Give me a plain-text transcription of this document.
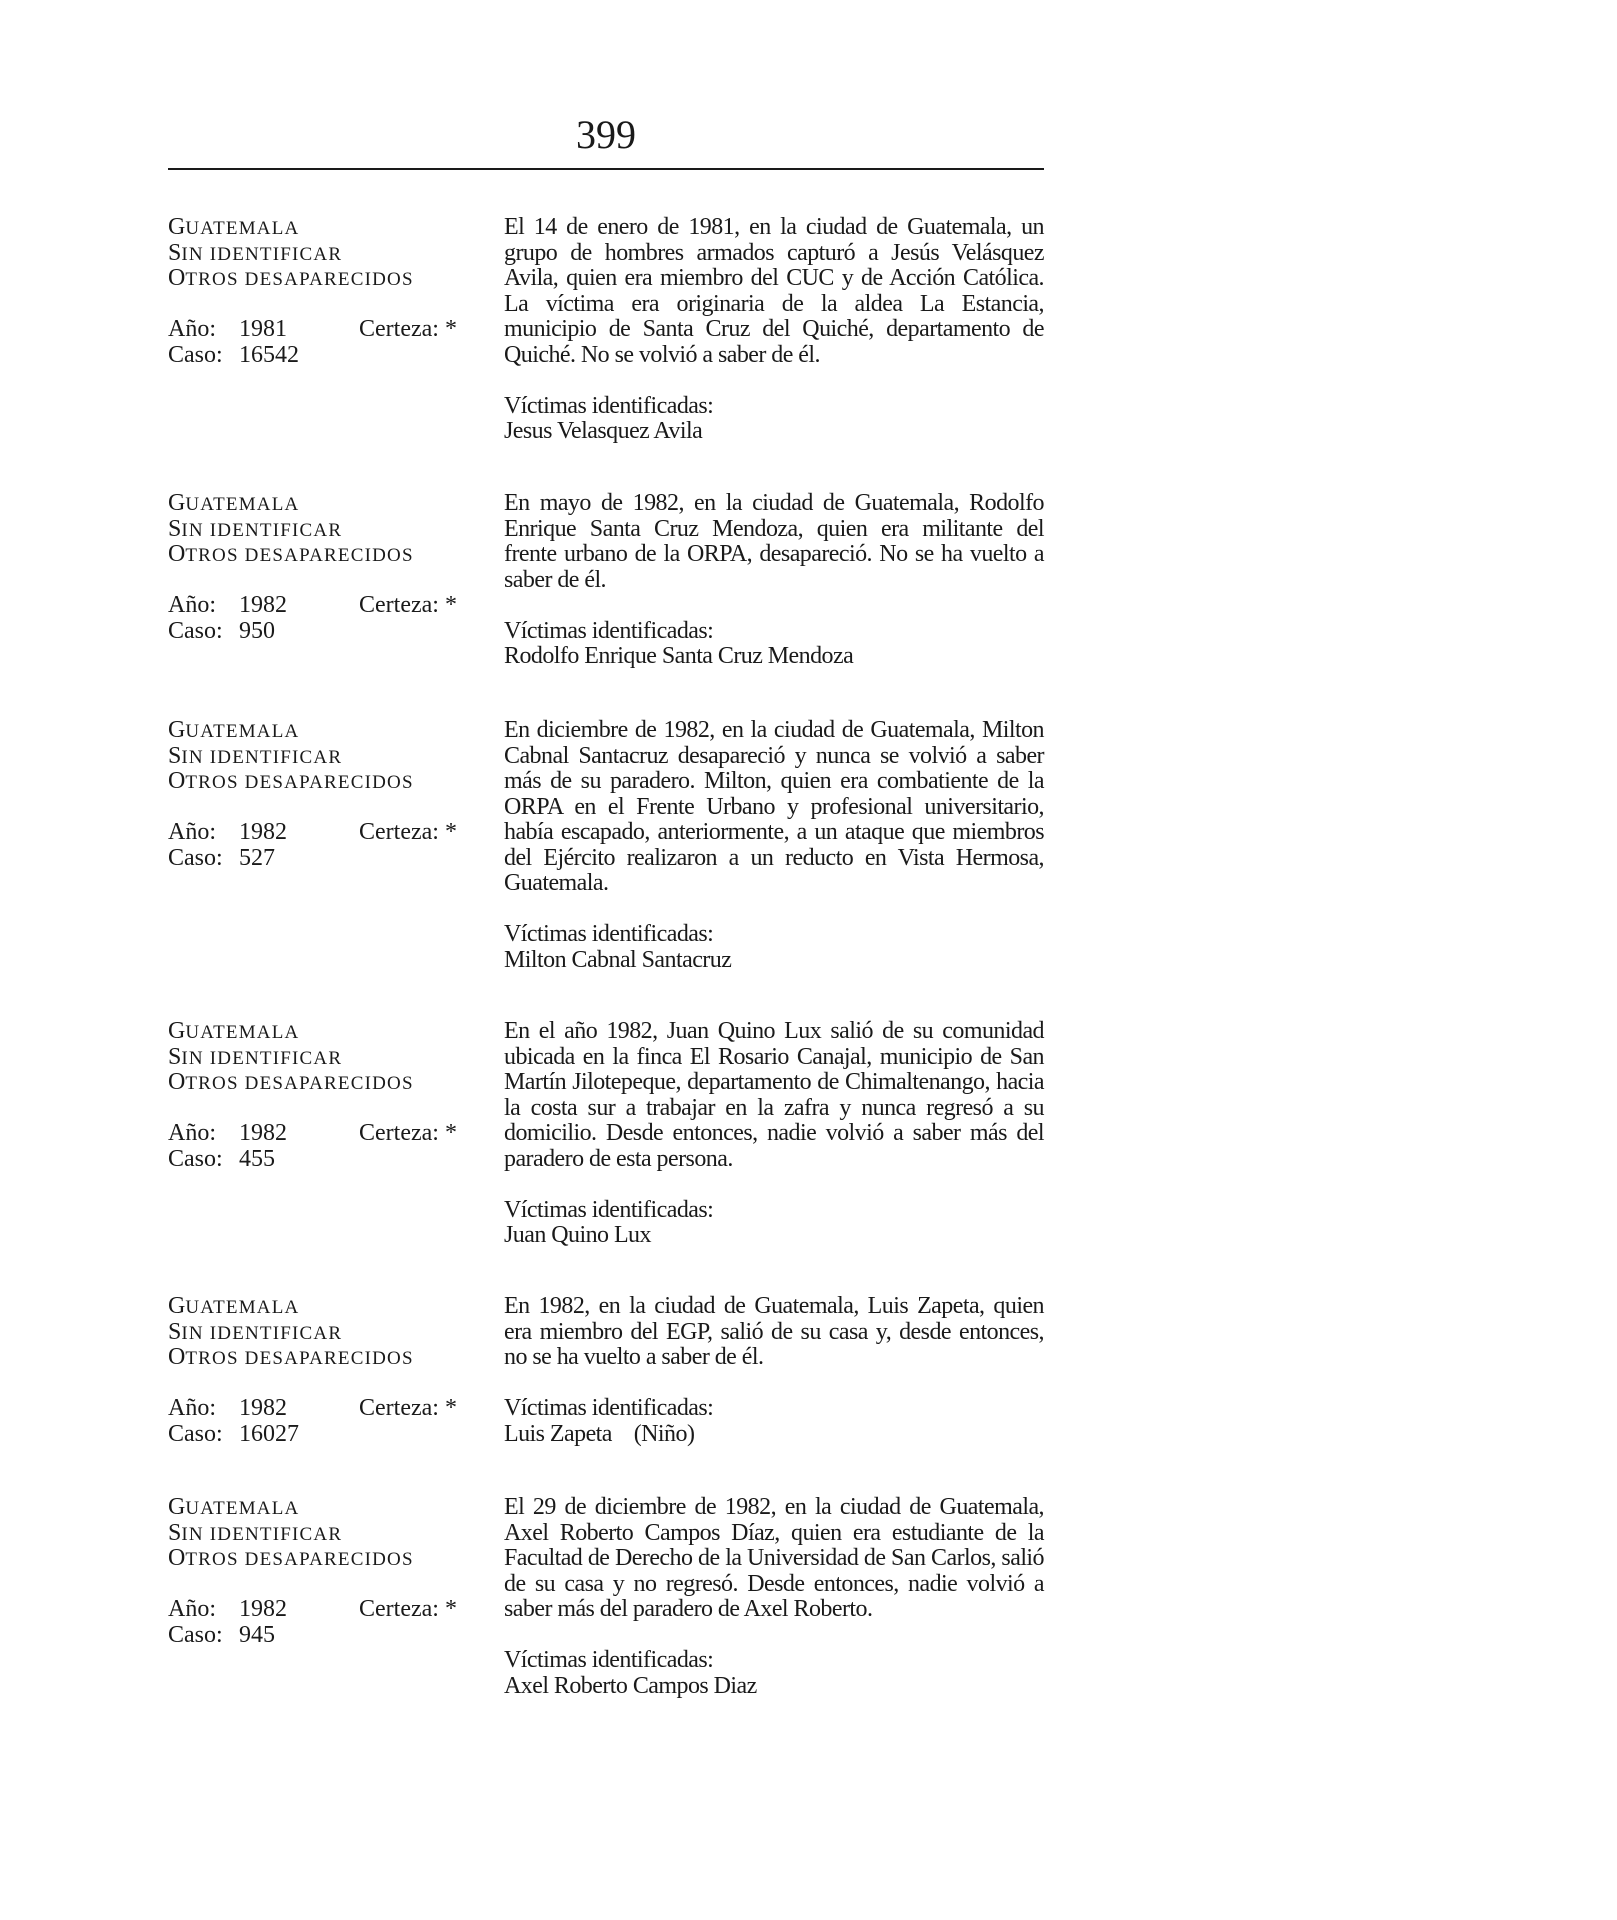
399
GUATEMALA
SIN IDENTIFICAR
OTROS DESAPARECIDOS
Año: 1981	Certeza: *
Caso: 16542

El 14 de enero de 1981, en la ciudad de Guatemala, un grupo de hombres armados capturó a Jesús Velásquez Avila, quien era miembro del CUC y de Acción Católica. La víctima era originaria de la aldea La Estancia, municipio de Santa Cruz del Quiché, departamento de Quiché. No se volvió a saber de él.

Víctimas identificadas:
Jesus Velasquez Avila
GUATEMALA
SIN IDENTIFICAR
OTROS DESAPARECIDOS
Año: 1982	Certeza: *
Caso: 950

En mayo de 1982, en la ciudad de Guatemala, Rodolfo Enrique Santa Cruz Mendoza, quien era militante del frente urbano de la ORPA, desapareció. No se ha vuelto a saber de él.

Víctimas identificadas:
Rodolfo Enrique Santa Cruz Mendoza
GUATEMALA
SIN IDENTIFICAR
OTROS DESAPARECIDOS
Año: 1982	Certeza: *
Caso: 527

En diciembre de 1982, en la ciudad de Guatemala, Milton Cabnal Santacruz desapareció y nunca se volvió a saber más de su paradero. Milton, quien era combatiente de la ORPA en el Frente Urbano y profesional universitario, había escapado, anteriormente, a un ataque que miembros del Ejército realizaron a un reducto en Vista Hermosa, Guatemala.

Víctimas identificadas:
Milton Cabnal Santacruz
GUATEMALA
SIN IDENTIFICAR
OTROS DESAPARECIDOS
Año: 1982	Certeza: *
Caso: 455

En el año 1982, Juan Quino Lux salió de su comunidad ubicada en la finca El Rosario Canajal, municipio de San Martín Jilotepeque, departamento de Chimaltenango, hacia la costa sur a trabajar en la zafra y nunca regresó a su domicilio. Desde entonces, nadie volvió a saber más del paradero de esta persona.

Víctimas identificadas:
Juan Quino Lux
GUATEMALA
SIN IDENTIFICAR
OTROS DESAPARECIDOS
Año: 1982	Certeza: *
Caso: 16027

En 1982, en la ciudad de Guatemala, Luis Zapeta, quien era miembro del EGP, salió de su casa y, desde entonces, no se ha vuelto a saber de él.

Víctimas identificadas:
Luis Zapeta    (Niño)
GUATEMALA
SIN IDENTIFICAR
OTROS DESAPARECIDOS
Año: 1982	Certeza: *
Caso: 945

El 29 de diciembre de 1982, en la ciudad de Guatemala, Axel Roberto Campos Díaz, quien era estudiante de la Facultad de Derecho de la Universidad de San Carlos, salió de su casa y no regresó. Desde entonces, nadie volvió a saber más del paradero de Axel Roberto.

Víctimas identificadas:
Axel Roberto Campos Diaz
